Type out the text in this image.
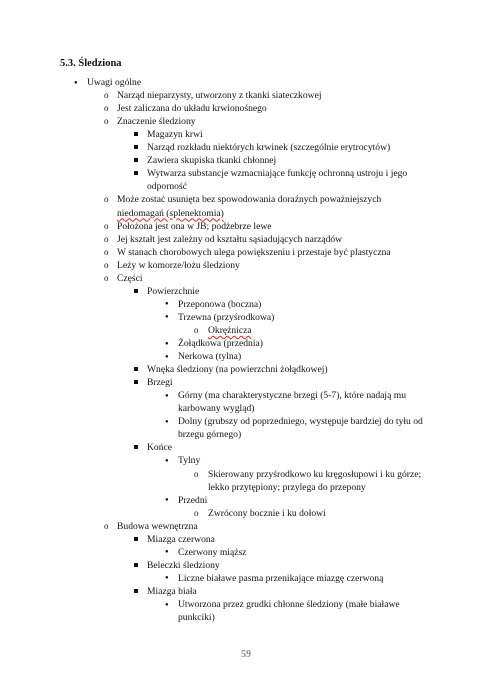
5.3. Śledziona
● Uwagi ogólne
o Narząd nieparzysty, utworzony z tkanki siateczkowej
o Jest zaliczana do układu krwionośnego
o Znaczenie śledziony
Magazyn krwi
Narząd rozkładu niektórych krwinek (szczególnie erytrocytów)
Zawiera skupiska tkanki chłonnej
Wytwarza substancje wzmacniające funkcję ochronną ustroju i jego
odporność
o Może zostać usunięta bez spowodowania doraźnych poważniejszych
niedomagań (splenektomia)
o Położona jest ona w JB; podżebrze lewe
o Jej kształt jest zależny od kształtu sąsiadujących narządów
o W stanach chorobowych ulega powiększeniu i przestaje być plastyczna
o Leży w komorze/łożu śledziony
o Części
Powierzchnie
● Przeponowa (boczna)
● Trzewna (przyśrodkowa)
o Okrężnicza
● Żołądkowa (przednia)
● Nerkowa (tylna)
Wnęka śledziony (na powierzchni żołądkowej)
Brzegi
● Górny (ma charakterystyczne brzegi (5-7), które nadają mu
karbowany wygląd)
● Dolny (grubszy od poprzedniego, występuje bardziej do tyłu od
brzegu górnego)
Końce
● Tylny
o Skierowany przyśrodkowo ku kręgosłupowi i ku górze;
lekko przytępiony; przylega do przepony
● Przedni
o Zwrócony bocznie i ku dołowi
o Budowa wewnętrzna
Miazga czerwona
● Czerwony miąższ
Beleczki śledziony
● Liczne białawe pasma przenikające miazgę czerwoną
Miazga biała
● Utworzona przez grudki chłonne śledziony (małe białawe
punkciki)
59
